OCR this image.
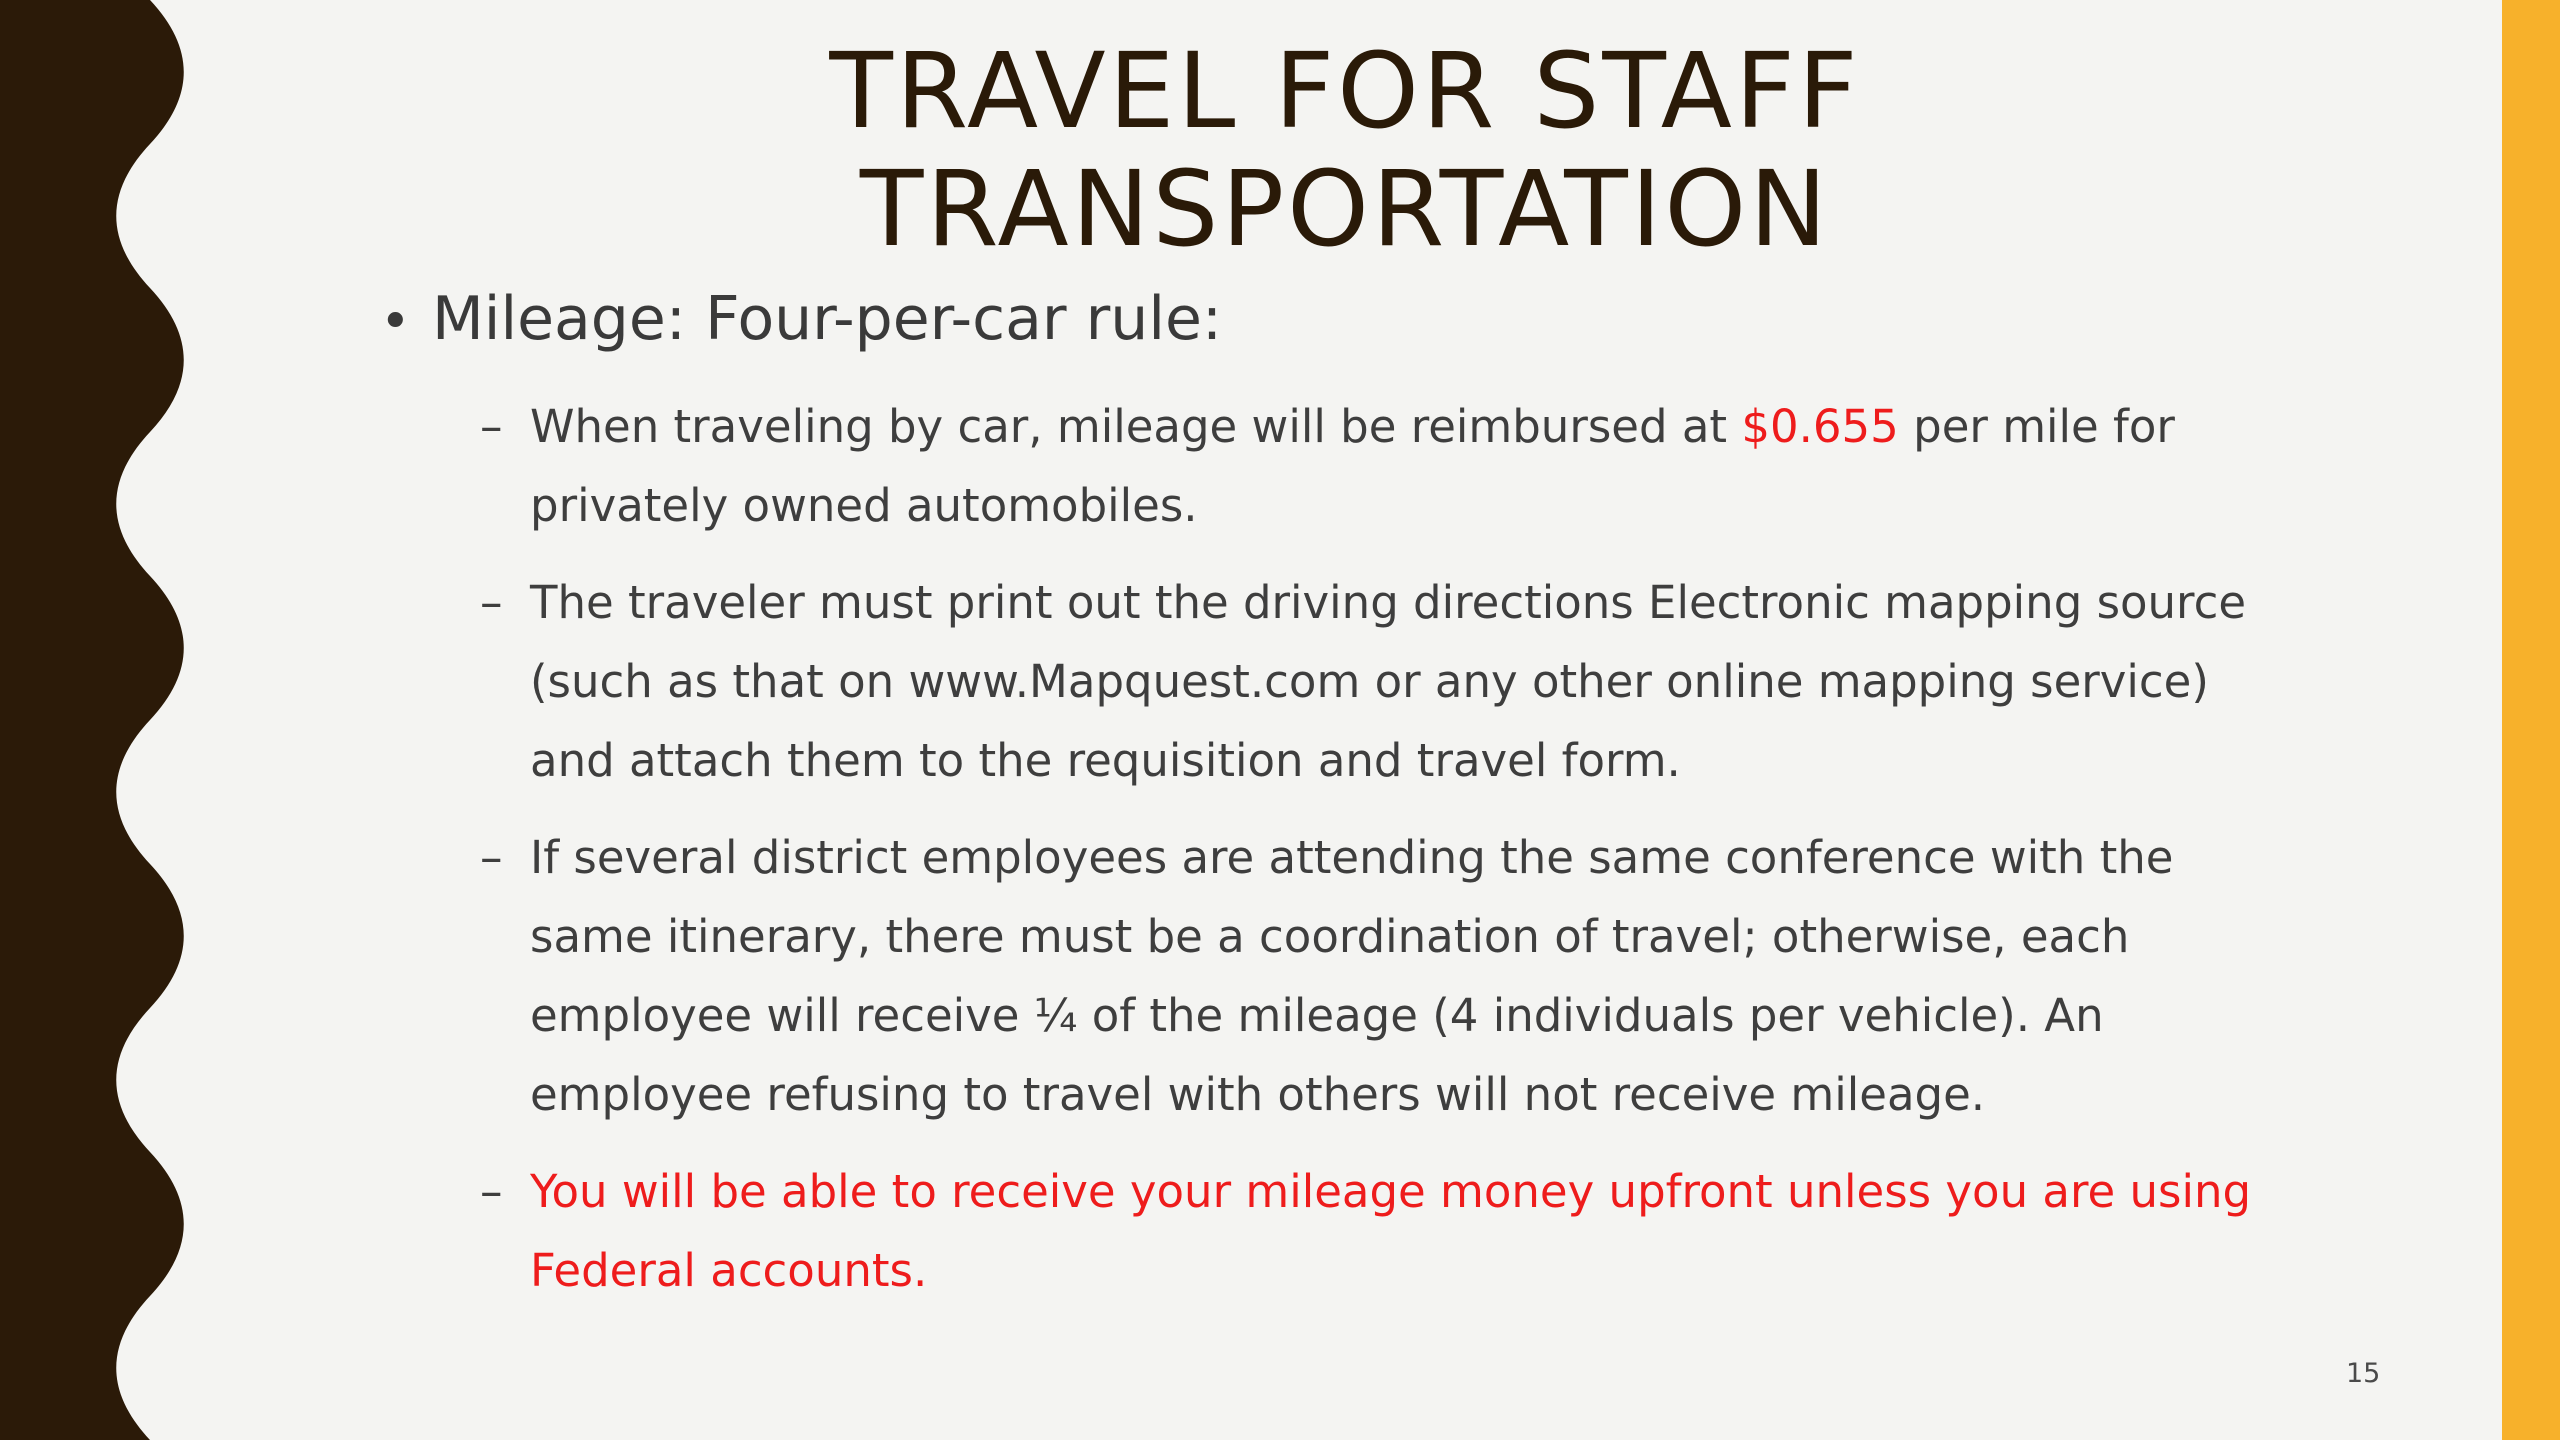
TRAVEL FOR STAFF
TRANSPORTATION
• Mileage: Four-per-car rule:
– When traveling by car, mileage will be reimbursed at $0.655 per mile for privately owned automobiles.
– The traveler must print out the driving directions Electronic mapping source (such as that on www.Mapquest.com or any other online mapping service) and attach them to the requisition and travel form.
– If several district employees are attending the same conference with the same itinerary, there must be a coordination of travel; otherwise, each employee will receive ¼ of the mileage (4 individuals per vehicle). An employee refusing to travel with others will not receive mileage.
– You will be able to receive your mileage money upfront unless you are using Federal accounts.
15
